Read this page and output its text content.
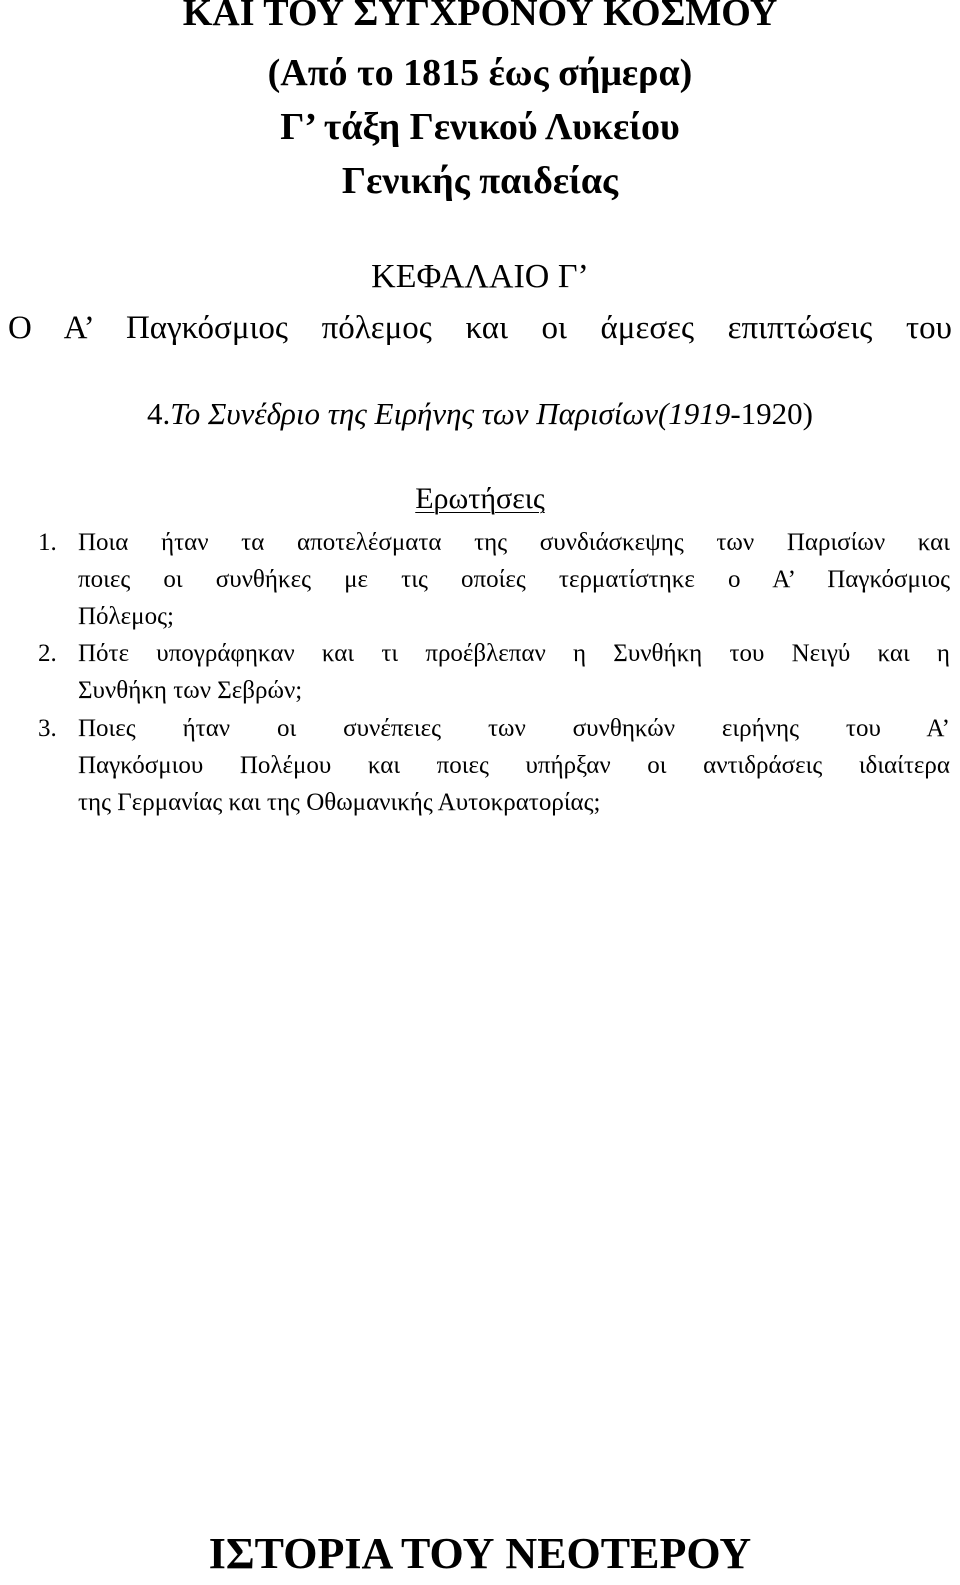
ΚΑΙ ΤΟΥ ΣΥΓΧΡΟΝΟΥ ΚΟΣΜΟΥ
(Από το 1815 έως σήμερα)
Γ’ τάξη Γενικού Λυκείου
Γενικής παιδείας
ΚΕΦΑΛΑΙΟ Γ’
Ο Α’ Παγκόσμιος πόλεμος και οι άμεσες επιπτώσεις του
4.Το Συνέδριο της Ειρήνης των Παρισίων(1919-1920)
Ερωτήσεις
1. Ποια ήταν τα αποτελέσματα της συνδιάσκεψης των Παρισίων και
ποιες οι συνθήκες με τις οποίες τερματίστηκε ο Α’ Παγκόσμιος
Πόλεμος;
2. Πότε υπογράφηκαν και τι προέβλεπαν η Συνθήκη του Νειγύ και η
Συνθήκη των Σεβρών;
3. Ποιες ήταν οι συνέπειες των συνθηκών ειρήνης του Α’
Παγκόσμιου Πολέμου και ποιες υπήρξαν οι αντιδράσεις ιδιαίτερα
της Γερμανίας και της Οθωμανικής Αυτοκρατορίας;
ΙΣΤΟΡΙΑ ΤΟΥ ΝΕΟΤΕΡΟΥ
